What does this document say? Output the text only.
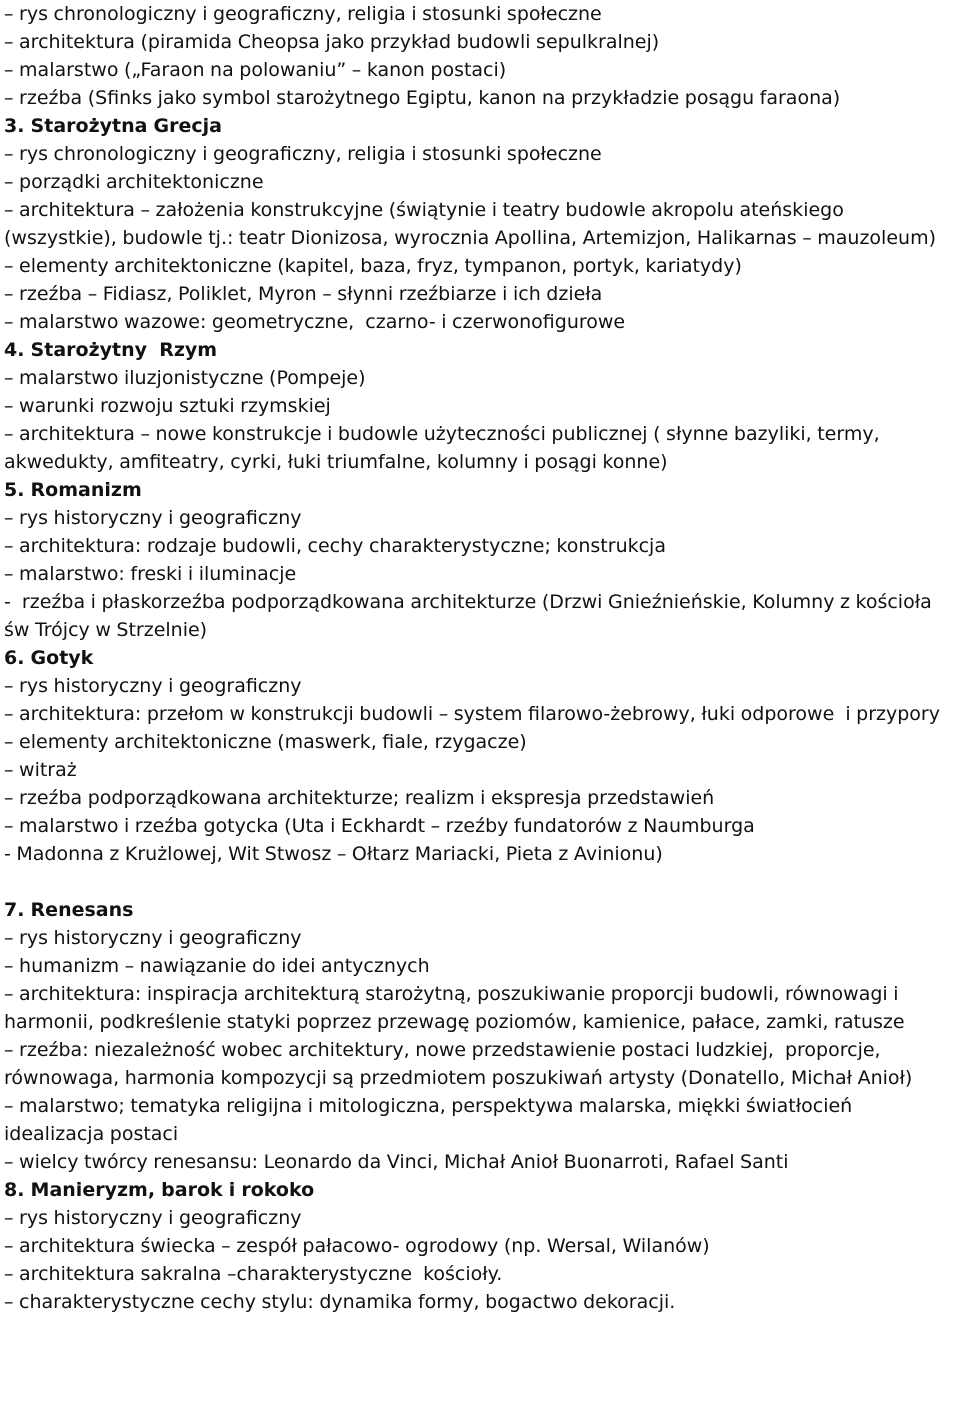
– rys chronologiczny i geograficzny, religia i stosunki społeczne

– architektura (piramida Cheopsa jako przykład budowli sepulkralnej)

– malarstwo („Faraon na polowaniu” – kanon postaci)

– rzeźba (Sfinks jako symbol starożytnego Egiptu, kanon na przykładzie posągu faraona)

3. Starożytna Grecja

– rys chronologiczny i geograficzny, religia i stosunki społeczne

– porządki architektoniczne

– architektura – założenia konstrukcyjne (świątynie i teatry budowle akropolu ateńskiego (wszystkie), budowle tj.: teatr Dionizosa, wyrocznia Apollina, Artemizjon, Halikarnas – mauzoleum)

– elementy architektoniczne (kapitel, baza, fryz, tympanon, portyk, kariatydy)

– rzeźba – Fidiasz, Poliklet, Myron – słynni rzeźbiarze i ich dzieła

– malarstwo wazowe: geometryczne,  czarno- i czerwonofigurowe

4. Starożytny  Rzym

– malarstwo iluzjonistyczne (Pompeje)

– warunki rozwoju sztuki rzymskiej

– architektura – nowe konstrukcje i budowle użyteczności publicznej ( słynne bazyliki, termy, akwedukty, amfiteatry, cyrki, łuki triumfalne, kolumny i posągi konne)

5. Romanizm

– rys historyczny i geograficzny

– architektura: rodzaje budowli, cechy charakterystyczne; konstrukcja

– malarstwo: freski i iluminacje

-  rzeźba i płaskorzeźba podporządkowana architekturze (Drzwi Gnieźnieńskie, Kolumny z kościoła św Trójcy w Strzelnie)

6. Gotyk

– rys historyczny i geograficzny

– architektura: przełom w konstrukcji budowli – system filarowo-żebrowy, łuki odporowe  i przypory

– elementy architektoniczne (maswerk, fiale, rzygacze)

– witraż

– rzeźba podporządkowana architekturze; realizm i ekspresja przedstawień

– malarstwo i rzeźba gotycka (Uta i Eckhardt – rzeźby fundatorów z Naumburga

- Madonna z Krużlowej, Wit Stwosz – Ołtarz Mariacki, Pieta z Avinionu)

7. Renesans

– rys historyczny i geograficzny

– humanizm – nawiązanie do idei antycznych

– architektura: inspiracja architekturą starożytną, poszukiwanie proporcji budowli, równowagi i harmonii, podkreślenie statyki poprzez przewagę poziomów, kamienice, pałace, zamki, ratusze

– rzeźba: niezależność wobec architektury, nowe przedstawienie postaci ludzkiej,  proporcje, równowaga, harmonia kompozycji są przedmiotem poszukiwań artysty (Donatello, Michał Anioł)

– malarstwo; tematyka religijna i mitologiczna, perspektywa malarska, miękki światłocień idealizacja postaci

– wielcy twórcy renesansu: Leonardo da Vinci, Michał Anioł Buonarroti, Rafael Santi

8. Manieryzm, barok i rokoko

– rys historyczny i geograficzny

– architektura świecka – zespół pałacowo- ogrodowy (np. Wersal, Wilanów)

– architektura sakralna –charakterystyczne  kościoły.

– charakterystyczne cechy stylu: dynamika formy, bogactwo dekoracji.
